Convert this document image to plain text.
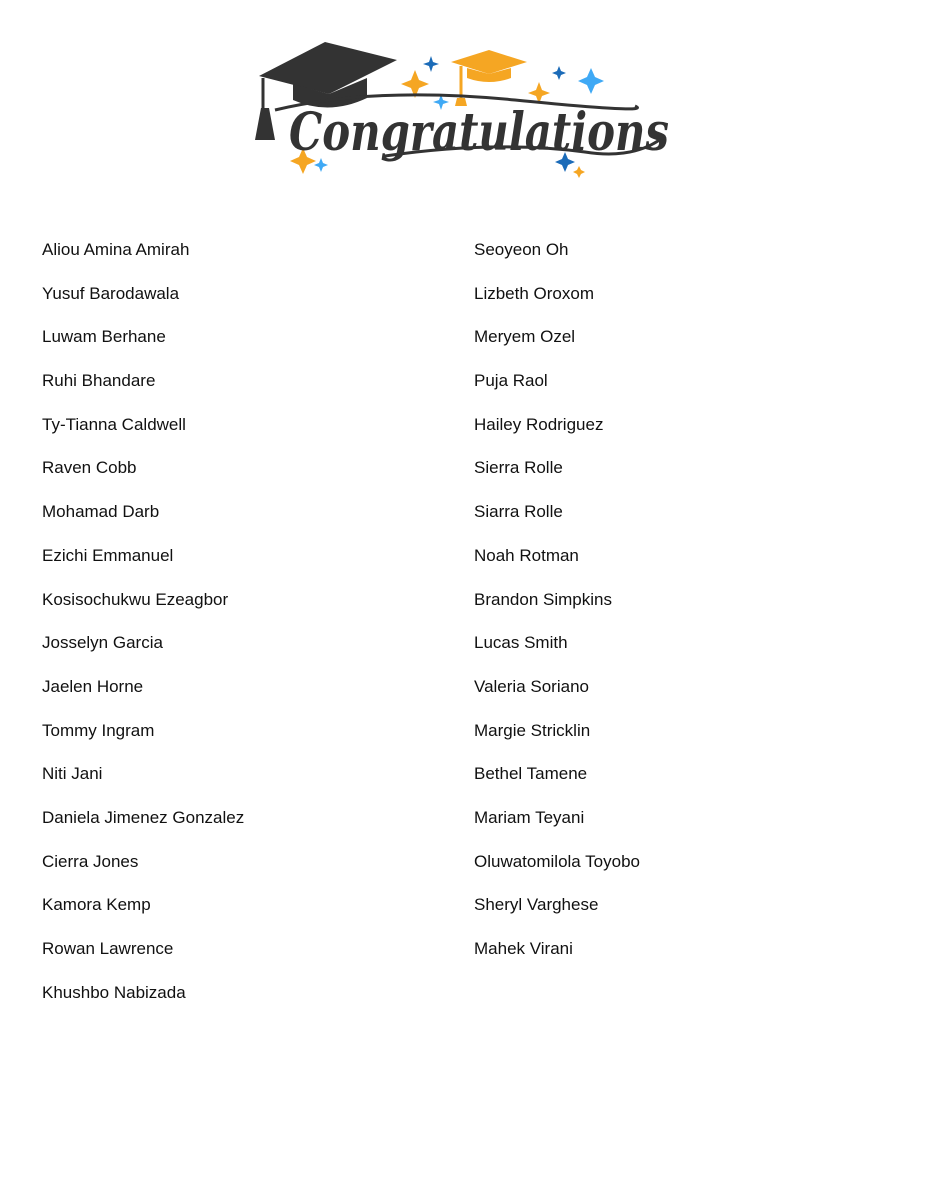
Congratulations
Aliou Amina Amirah
Yusuf Barodawala
Luwam Berhane
Ruhi Bhandare
Ty-Tianna Caldwell
Raven Cobb
Mohamad Darb
Ezichi Emmanuel
Kosisochukwu Ezeagbor
Josselyn Garcia
Jaelen Horne
Tommy Ingram
Niti Jani
Daniela Jimenez Gonzalez
Cierra Jones
Kamora Kemp
Rowan Lawrence
Khushbo Nabizada
Seoyeon Oh
Lizbeth Oroxom
Meryem Ozel
Puja Raol
Hailey Rodriguez
Sierra Rolle
Siarra Rolle
Noah Rotman
Brandon Simpkins
Lucas Smith
Valeria Soriano
Margie Stricklin
Bethel Tamene
Mariam Teyani
Oluwatomilola Toyobo
Sheryl Varghese
Mahek Virani
